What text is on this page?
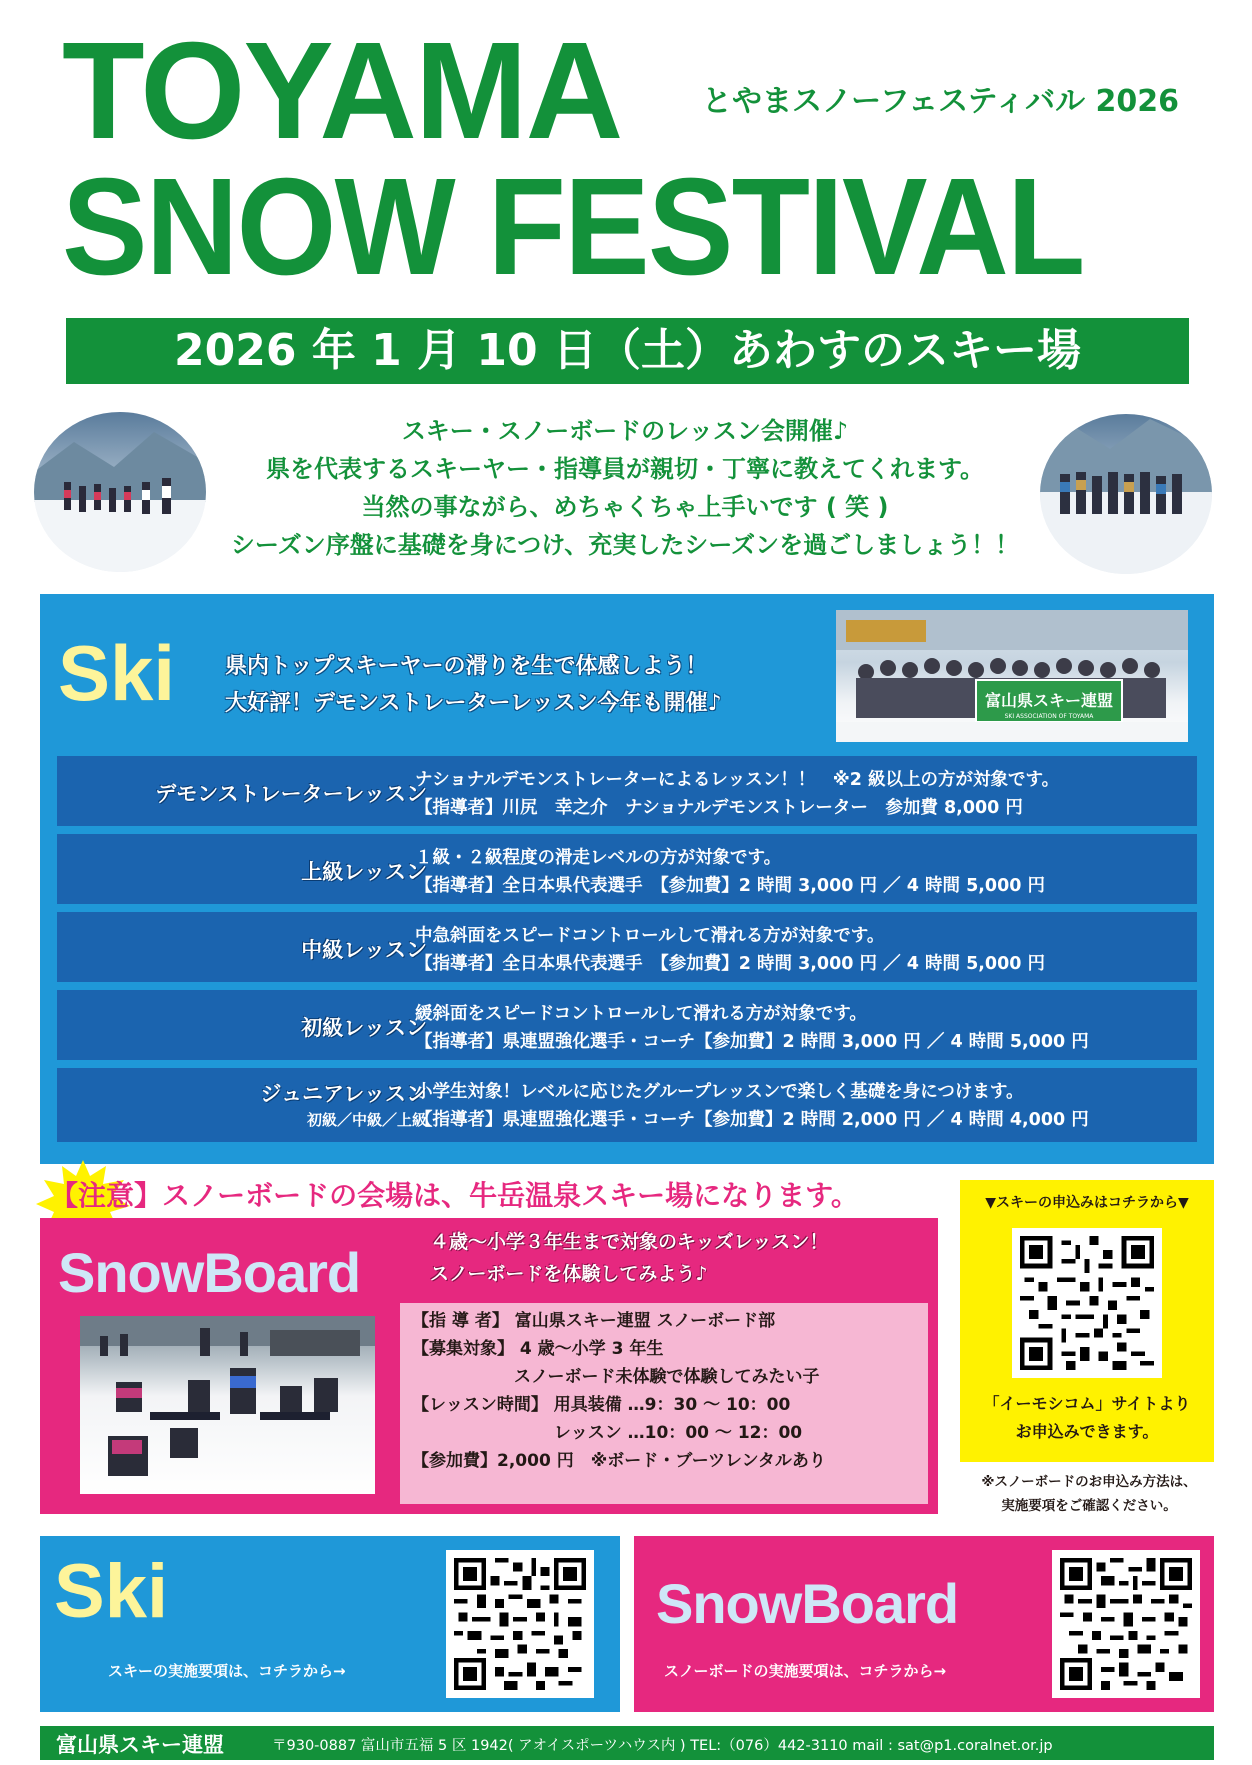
TOYAMA	とやまスノーフェスティバル 2026
SNOW FESTIVAL
2026 年 1 月 10 日（土）あわすのスキー場
スキー・スノーボードのレッスン会開催♪
県を代表するスキーヤー・指導員が親切・丁寧に教えてくれます。
当然の事ながら、めちゃくちゃ上手いです ( 笑 )
シーズン序盤に基礎を身につけ、充実したシーズンを過ごしましょう！！
Ski 県内トップスキーヤーの滑りを生で体感しよう！
大好評！デモンストレーターレッスン今年も開催♪	富山県スキー連盟
SKI ASSOCIATION OF TOYAMA
デモンストレーターレッスン
ナショナルデモンストレーターによるレッスン！！　※2 級以上の方が対象です。
【指導者】川尻　幸之介　ナショナルデモンストレーター　参加費 8,000 円
上級レッスン
１級・２級程度の滑走レベルの方が対象です。
【指導者】全日本県代表選手　【参加費】2 時間 3,000 円 ／ 4 時間 5,000 円
中級レッスン
中急斜面をスピードコントロールして滑れる方が対象です。
【指導者】全日本県代表選手　【参加費】2 時間 3,000 円 ／ 4 時間 5,000 円
初級レッスン
緩斜面をスピードコントロールして滑れる方が対象です。
【指導者】県連盟強化選手・コーチ【参加費】2 時間 3,000 円 ／ 4 時間 5,000 円
ジュニアレッスン
初級／中級／上級
小学生対象！レベルに応じたグループレッスンで楽しく基礎を身につけます。
【指導者】県連盟強化選手・コーチ【参加費】2 時間 2,000 円 ／ 4 時間 4,000 円
【注意】スノーボードの会場は、牛岳温泉スキー場になります。
SnowBoard	４歳〜小学３年生まで対象のキッズレッスン！
スノーボードを体験してみよう♪
【指 導 者】 富山県スキー連盟 スノーボード部
【募集対象】 4 歳〜小学 3 年生
　　　　　　スノーボード未体験で体験してみたい子
【レッスン時間】 用具装備 …9：30 〜 10：00
　　　　　　　　 レッスン …10：00 〜 12：00
【参加費】2,000 円　※ボード・ブーツレンタルあり
▼スキーの申込みはコチラから▼
「イーモシコム」サイトより
お申込みできます。
※スノーボードのお申込み方法は、
実施要項をご確認ください。
Ski
スキーの実施要項は、コチラから→
SnowBoard
スノーボードの実施要項は、コチラから→
富山県スキー連盟	〒930-0887 富山市五福 5 区 1942( アオイスポーツハウス内 ) TEL:（076）442-3110 mail : sat@p1.coralnet.or.jp
